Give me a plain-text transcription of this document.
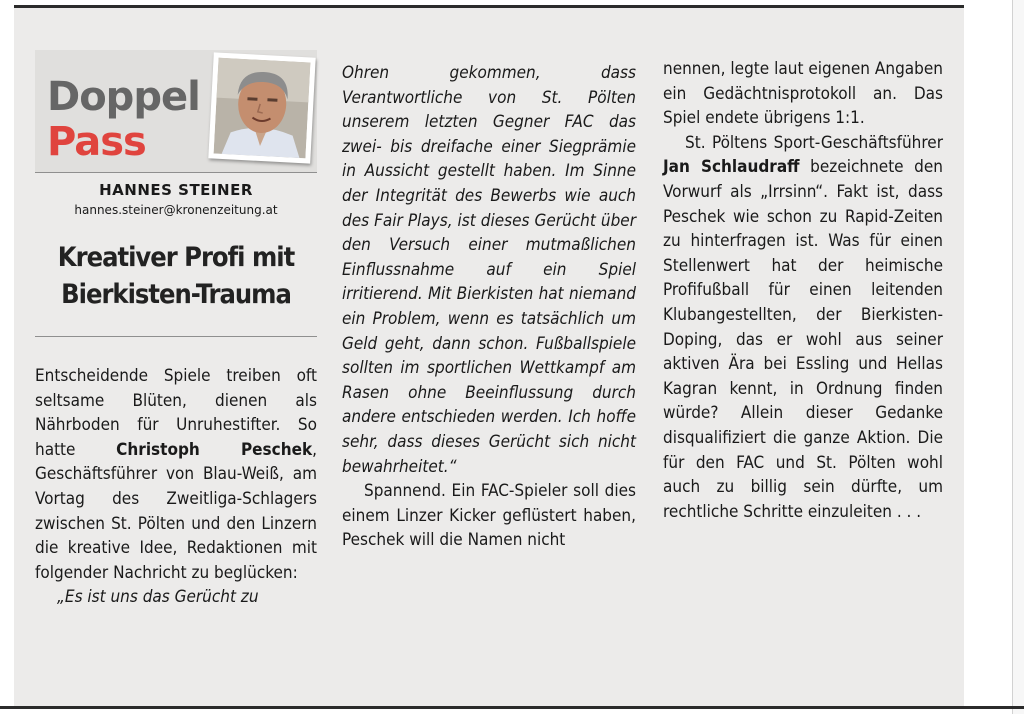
Doppel
Pass
HANNES STEINER
hannes.steiner@kronenzeitung.at
Kreativer Profi mit
Bierkisten-Trauma

Entscheidende Spiele treiben oft seltsame Blüten, dienen als Nährboden für Unruhestifter. So hatte Christoph Peschek, Geschäftsführer von Blau-Weiß, am Vortag des Zweitliga-Schlagers zwischen St. Pölten und den Linzern die kreative Idee, Redaktionen mit folgender Nachricht zu beglücken:

„Es ist uns das Gerücht zu

Ohren gekommen, dass Verantwortliche von St. Pölten unserem letzten Gegner FAC das zwei- bis dreifache einer Siegprämie in Aussicht gestellt haben. Im Sinne der Integrität des Bewerbs wie auch des Fair Plays, ist dieses Gerücht über den Versuch einer mutmaßlichen Einflussnahme auf ein Spiel irritierend. Mit Bierkisten hat niemand ein Problem, wenn es tatsächlich um Geld geht, dann schon. Fußballspiele sollten im sportlichen Wettkampf am Rasen ohne Beeinflussung durch andere entschieden werden. Ich hoffe sehr, dass dieses Gerücht sich nicht bewahrheitet.“

Spannend. Ein FAC-Spieler soll dies einem Linzer Kicker geflüstert haben, Peschek will die Namen nicht

nennen, legte laut eigenen Angaben ein Gedächtnisprotokoll an. Das Spiel endete übrigens 1:1.

St. Pöltens Sport-Geschäftsführer Jan Schlaudraff bezeichnete den Vorwurf als „Irrsinn“. Fakt ist, dass Peschek wie schon zu Rapid-Zeiten zu hinterfragen ist. Was für einen Stellenwert hat der heimische Profifußball für einen leitenden Klubangestellten, der Bierkisten-Doping, das er wohl aus seiner aktiven Ära bei Essling und Hellas Kagran kennt, in Ordnung finden würde? Allein dieser Gedanke disqualifiziert die ganze Aktion. Die für den FAC und St. Pölten wohl auch zu billig sein dürfte, um rechtliche Schritte einzuleiten . . .
